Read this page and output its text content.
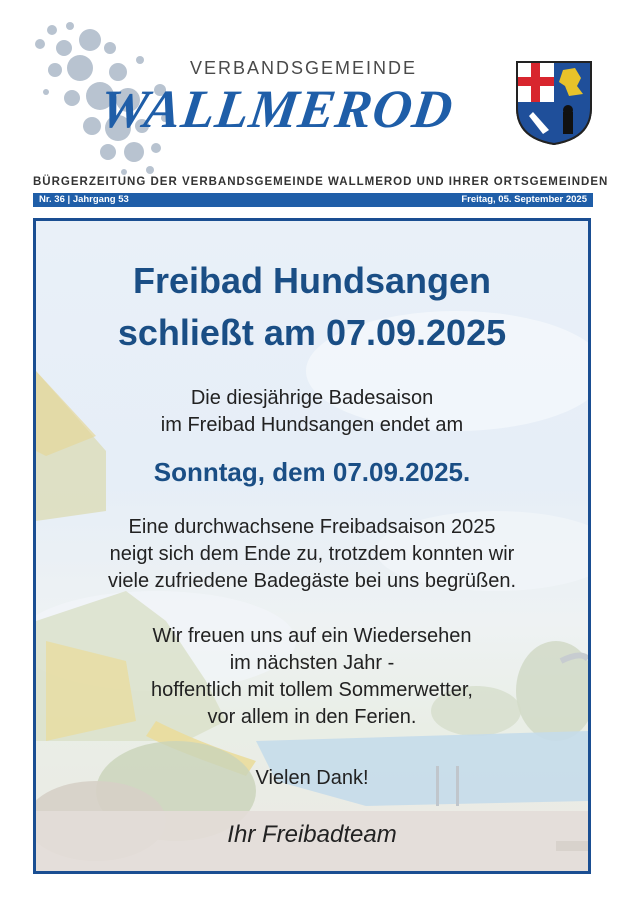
VERBANDSGEMEINDE
WALLMEROD
BÜRGERZEITUNG DER VERBANDSGEMEINDE WALLMEROD UND IHRER ORTSGEMEINDEN
Nr. 36 | Jahrgang 53	Freitag, 05. September 2025
Freibad Hundsangen
schließt am 07.09.2025
Die diesjährige Badesaison
im Freibad Hundsangen endet am
Sonntag, dem 07.09.2025.
Eine durchwachsene Freibadsaison 2025
neigt sich dem Ende zu, trotzdem konnten wir
viele zufriedene Badegäste bei uns begrüßen.
Wir freuen uns auf ein Wiedersehen
im nächsten Jahr -
hoffentlich mit tollem Sommerwetter,
vor allem in den Ferien.
Vielen Dank!
Ihr Freibadteam
